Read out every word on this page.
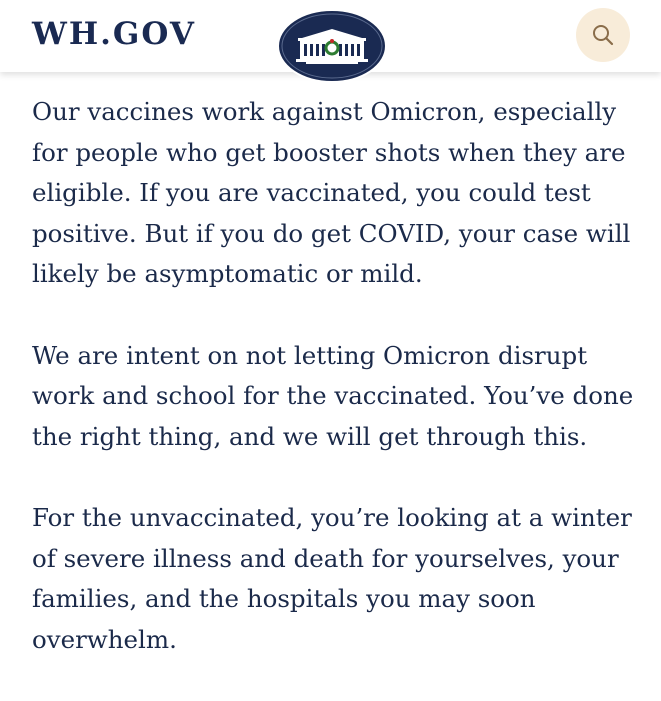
WH.GOV

Our vaccines work against Omicron, especially for people who get booster shots when they are eligible. If you are vaccinated, you could test positive. But if you do get COVID, your case will likely be asymptomatic or mild.

We are intent on not letting Omicron disrupt work and school for the vaccinated. You’ve done the right thing, and we will get through this.

For the unvaccinated, you’re looking at a winter of severe illness and death for yourselves, your families, and the hospitals you may soon overwhelm.
